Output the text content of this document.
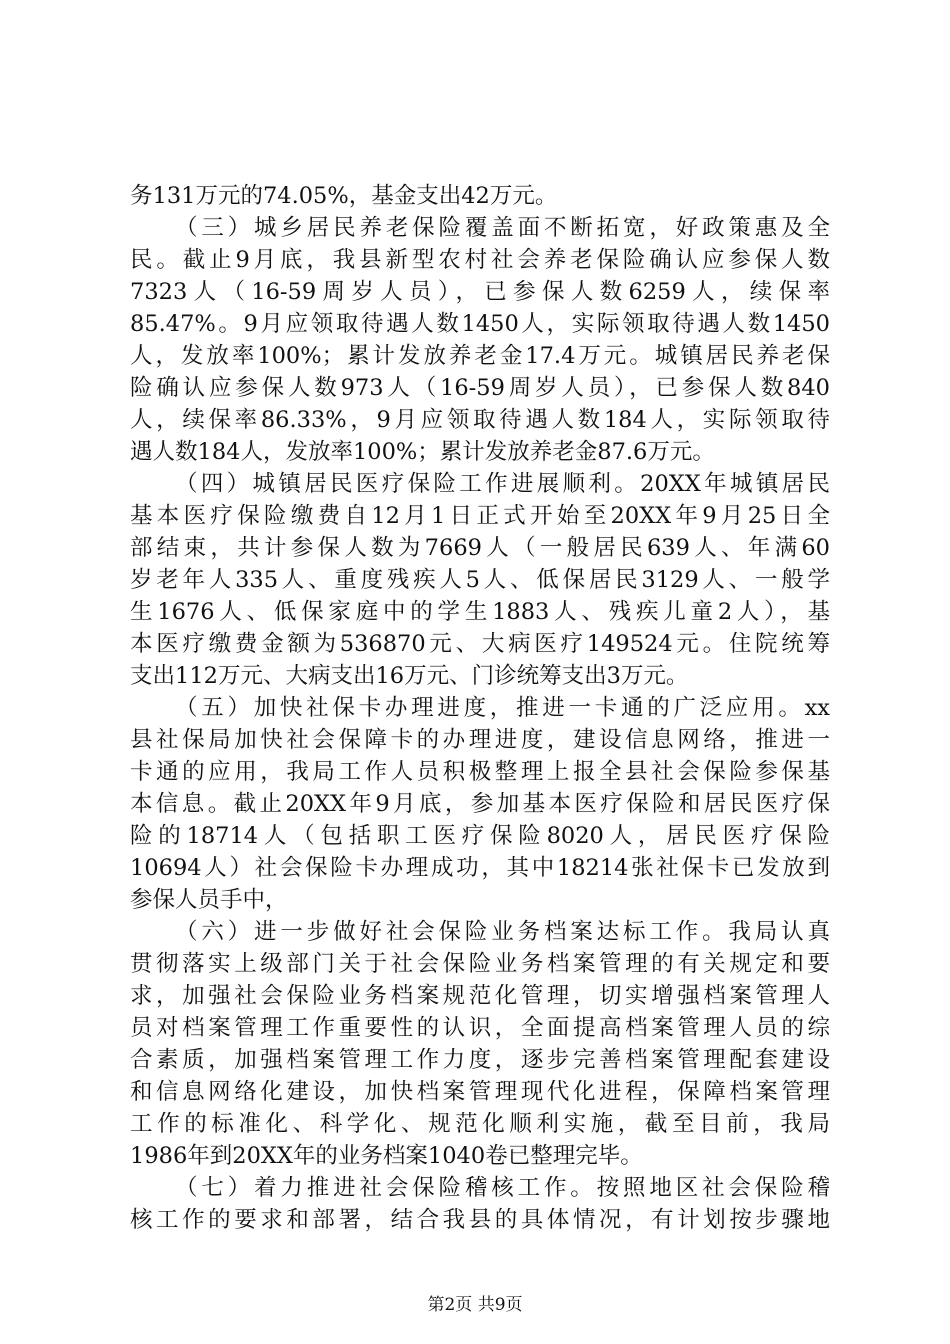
务131万元的74.05%，基金支出42万元。
（三）城乡居民养老保险覆盖面不断拓宽，好政策惠及全
民。截止9月底，我县新型农村社会养老保险确认应参保人数
7323人（16-59周岁人员），已参保人数6259人，续保率
85.47%。9月应领取待遇人数1450人，实际领取待遇人数1450
人，发放率100%；累计发放养老金17.4万元。城镇居民养老保
险确认应参保人数973人（16-59周岁人员），已参保人数840
人，续保率86.33%，9月应领取待遇人数184人，实际领取待
遇人数184人，发放率100%；累计发放养老金87.6万元。
（四）城镇居民医疗保险工作进展顺利。20XX年城镇居民
基本医疗保险缴费自12月1日正式开始至20XX年9月25日全
部结束，共计参保人数为7669人（一般居民639人、年满60
岁老年人335人、重度残疾人5人、低保居民3129人、一般学
生1676人、低保家庭中的学生1883人、残疾儿童2人），基
本医疗缴费金额为536870元、大病医疗149524元。住院统筹
支出112万元、大病支出16万元、门诊统筹支出3万元。
（五）加快社保卡办理进度，推进一卡通的广泛应用。xx
县社保局加快社会保障卡的办理进度，建设信息网络，推进一
卡通的应用，我局工作人员积极整理上报全县社会保险参保基
本信息。截止20XX年9月底，参加基本医疗保险和居民医疗保
险的18714人（包括职工医疗保险8020人，居民医疗保险
10694人）社会保险卡办理成功，其中18214张社保卡已发放到
参保人员手中，
（六）进一步做好社会保险业务档案达标工作。我局认真
贯彻落实上级部门关于社会保险业务档案管理的有关规定和要
求，加强社会保险业务档案规范化管理，切实增强档案管理人
员对档案管理工作重要性的认识，全面提高档案管理人员的综
合素质，加强档案管理工作力度，逐步完善档案管理配套建设
和信息网络化建设，加快档案管理现代化进程，保障档案管理
工作的标准化、科学化、规范化顺利实施，截至目前，我局
1986年到20XX年的业务档案1040卷已整理完毕。
（七）着力推进社会保险稽核工作。按照地区社会保险稽
核工作的要求和部署，结合我县的具体情况，有计划按步骤地
第2页 共9页
